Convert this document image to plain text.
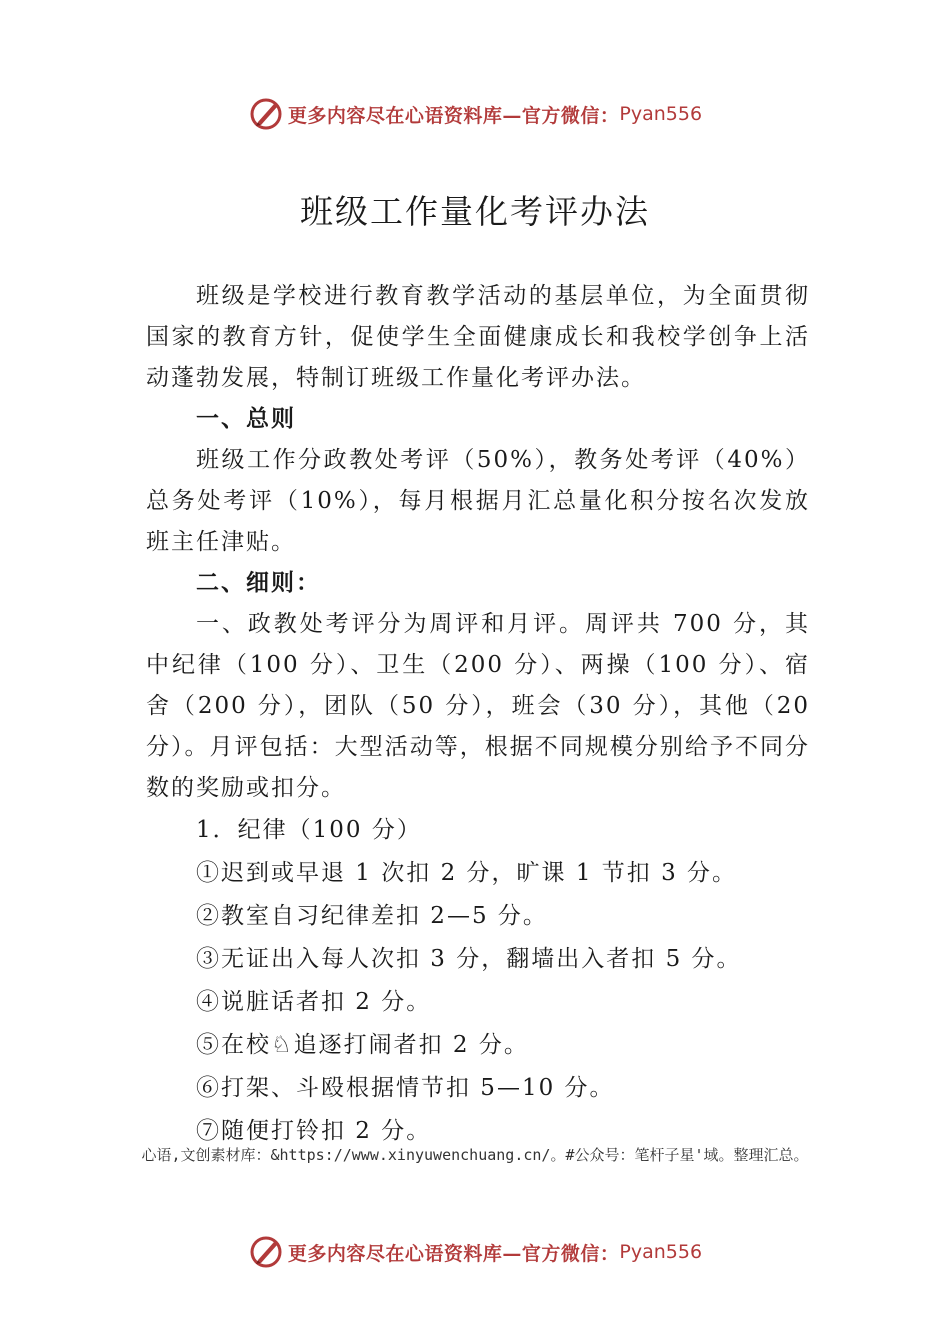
更多内容尽在心语资料库—官方微信： Pyan556
班级工作量化考评办法

班级是学校进行教育教学活动的基层单位，为全面贯彻国家的教育方针，促使学生全面健康成长和我校学创争上活动蓬勃发展，特制订班级工作量化考评办法。

一、总则

班级工作分政教处考评（50%），教务处考评（40%）总务处考评（10%），每月根据月汇总量化积分按名次发放班主任津贴。

二、细则：

一、政教处考评分为周评和月评。周评共 700 分，其中纪律（100 分）、卫生（200 分）、两操（100 分）、宿舍（200 分），团队（50 分），班会（30 分），其他（20 分）。月评包括：大型活动等，根据不同规模分别给予不同分数的奖励或扣分。

1．纪律（100 分）

①迟到或早退 1 次扣 2 分，旷课 1 节扣 3 分。

②教室自习纪律差扣 2—5 分。

③无证出入每人次扣 3 分，翻墙出入者扣 5 分。

④说脏话者扣 2 分。

⑤在校♘追逐打闹者扣 2 分。

⑥打架、斗殴根据情节扣 5—10 分。

⑦随便打铃扣 2 分。

心语,文创素材库：&https://www.xinyuwenchuang.cn/。#公众号：笔杆子星'域。整理汇总。
更多内容尽在心语资料库—官方微信： Pyan556
